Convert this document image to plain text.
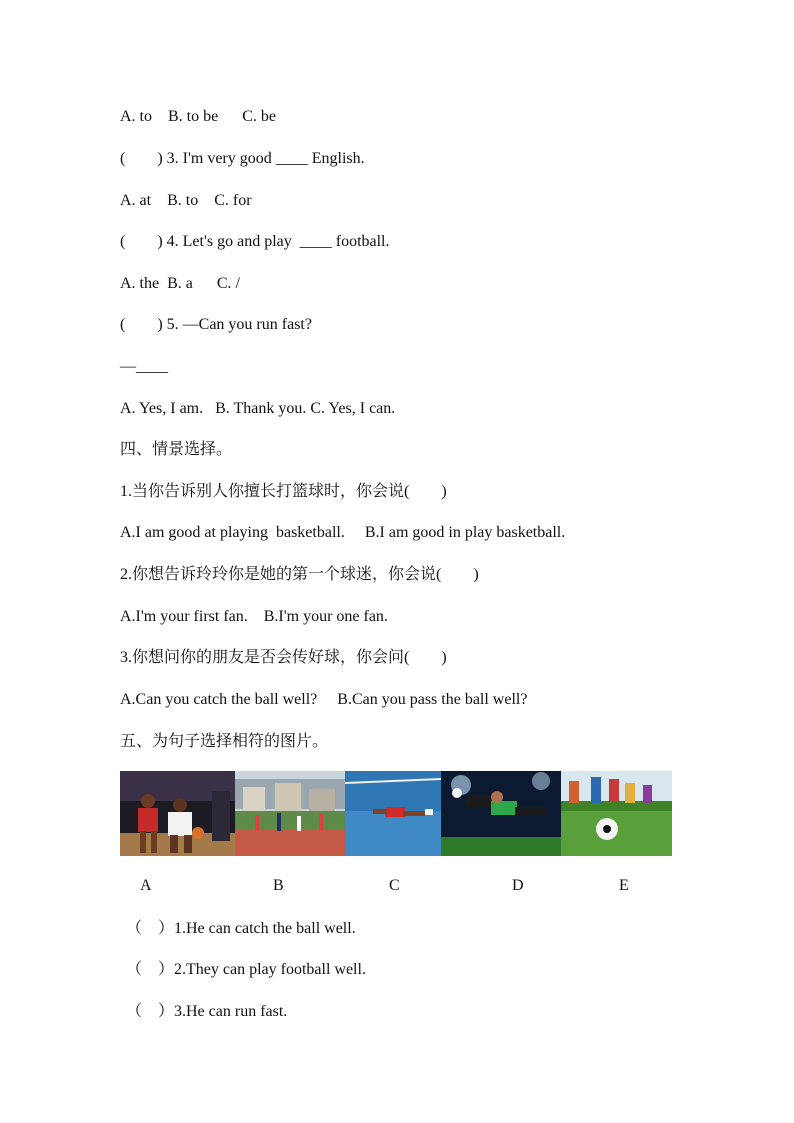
A. to    B. to be      C. be
(        ) 3. I'm very good ____ English.
A. at    B. to    C. for
(        ) 4. Let's go and play  ____ football.
A. the  B. a      C. /
(        ) 5. —Can you run fast?
—____
A. Yes, I am.   B. Thank you. C. Yes, I can.
四、情景选择。
1.当你告诉别人你擅长打篮球时，你会说(        )
A.I am good at playing  basketball.     B.I am good in play basketball.
2.你想告诉玲玲你是她的第一个球迷，你会说(        )
A.I'm your first fan.    B.I'm your one fan.
3.你想问你的朋友是否会传好球，你会问(        )
A.Can you catch the ball well?     B.Can you pass the ball well?
五、为句子选择相符的图片。
A	B	C	D	E
（    ）1.He can catch the ball well.
（    ）2.They can play football well.
（    ）3.He can run fast.
